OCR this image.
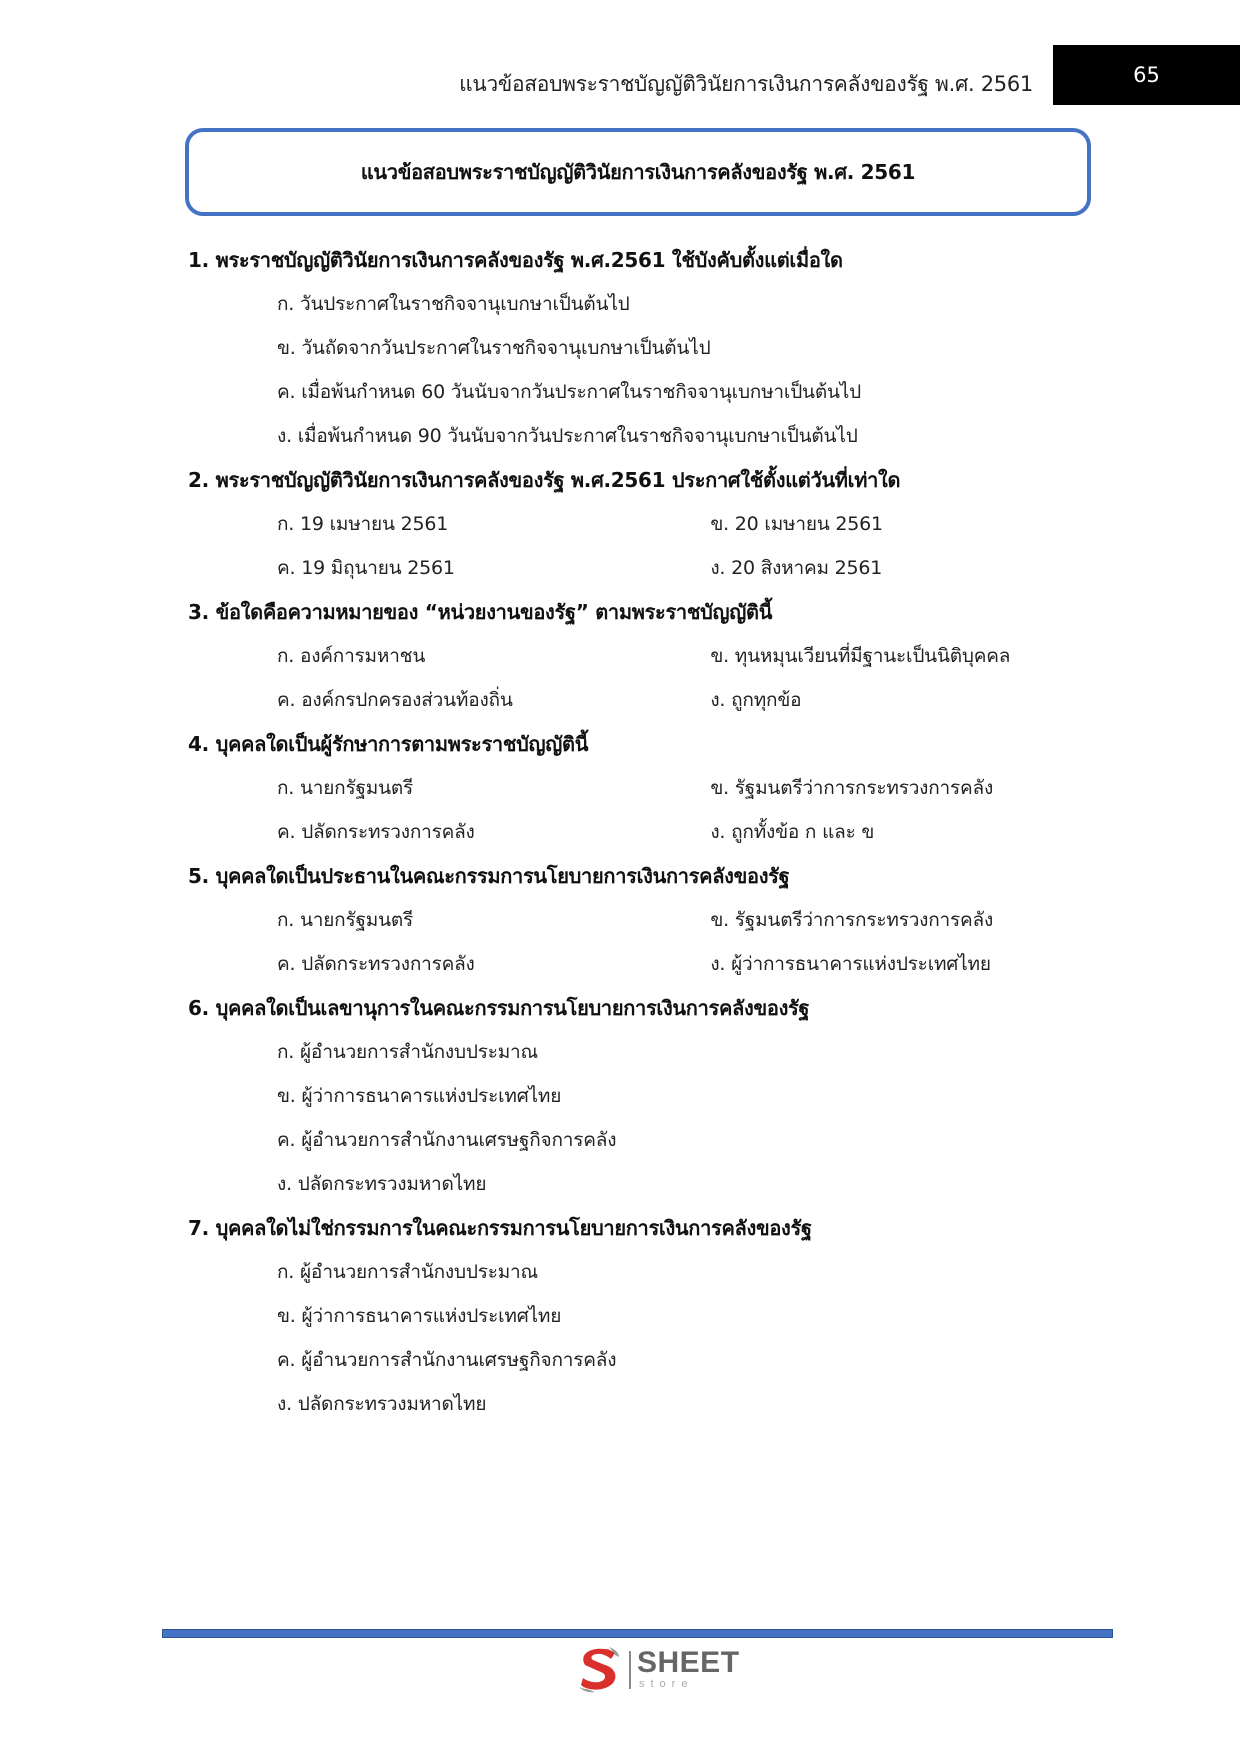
แนวข้อสอบพระราชบัญญัติวินัยการเงินการคลังของรัฐ พ.ศ. 2561	65
แนวข้อสอบพระราชบัญญัติวินัยการเงินการคลังของรัฐ พ.ศ. 2561
1. พระราชบัญญัติวินัยการเงินการคลังของรัฐ พ.ศ.2561 ใช้บังคับตั้งแต่เมื่อใด
ก. วันประกาศในราชกิจจานุเบกษาเป็นต้นไป
ข. วันถัดจากวันประกาศในราชกิจจานุเบกษาเป็นต้นไป
ค. เมื่อพ้นกำหนด 60 วันนับจากวันประกาศในราชกิจจานุเบกษาเป็นต้นไป
ง. เมื่อพ้นกำหนด 90 วันนับจากวันประกาศในราชกิจจานุเบกษาเป็นต้นไป
2. พระราชบัญญัติวินัยการเงินการคลังของรัฐ พ.ศ.2561 ประกาศใช้ตั้งแต่วันที่เท่าใด
ก. 19 เมษายน 2561	ข. 20 เมษายน 2561
ค. 19 มิถุนายน 2561	ง. 20 สิงหาคม 2561
3. ข้อใดคือความหมายของ “หน่วยงานของรัฐ” ตามพระราชบัญญัตินี้
ก. องค์การมหาชน	ข. ทุนหมุนเวียนที่มีฐานะเป็นนิติบุคคล
ค. องค์กรปกครองส่วนท้องถิ่น	ง. ถูกทุกข้อ
4. บุคคลใดเป็นผู้รักษาการตามพระราชบัญญัตินี้
ก. นายกรัฐมนตรี	ข. รัฐมนตรีว่าการกระทรวงการคลัง
ค. ปลัดกระทรวงการคลัง	ง. ถูกทั้งข้อ ก และ ข
5. บุคคลใดเป็นประธานในคณะกรรมการนโยบายการเงินการคลังของรัฐ
ก. นายกรัฐมนตรี	ข. รัฐมนตรีว่าการกระทรวงการคลัง
ค. ปลัดกระทรวงการคลัง	ง. ผู้ว่าการธนาคารแห่งประเทศไทย
6. บุคคลใดเป็นเลขานุการในคณะกรรมการนโยบายการเงินการคลังของรัฐ
ก. ผู้อำนวยการสำนักงบประมาณ
ข. ผู้ว่าการธนาคารแห่งประเทศไทย
ค. ผู้อำนวยการสำนักงานเศรษฐกิจการคลัง
ง. ปลัดกระทรวงมหาดไทย
7. บุคคลใดไม่ใช่กรรมการในคณะกรรมการนโยบายการเงินการคลังของรัฐ
ก. ผู้อำนวยการสำนักงบประมาณ
ข. ผู้ว่าการธนาคารแห่งประเทศไทย
ค. ผู้อำนวยการสำนักงานเศรษฐกิจการคลัง
ง. ปลัดกระทรวงมหาดไทย
SHEET
store
